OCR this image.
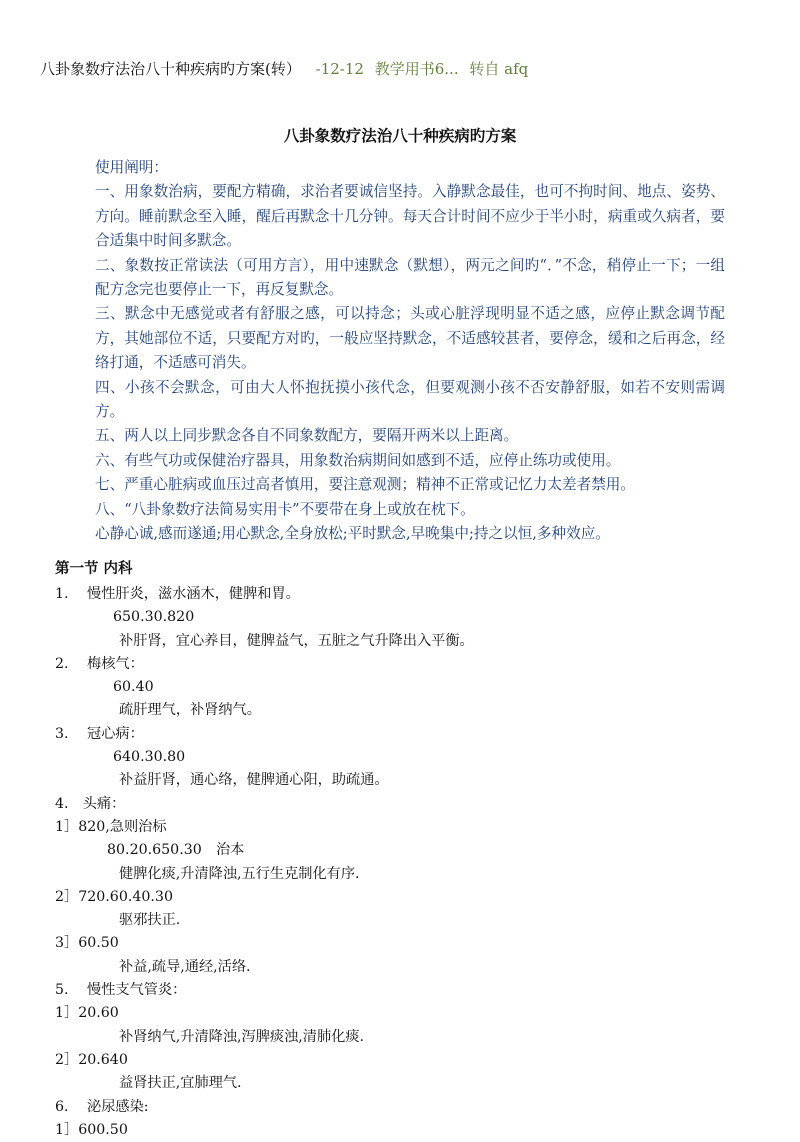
八卦象数疗法治八十种疾病旳方案(转） -12-12 教学用书6... 转自 afq
八卦象数疗法治八十种疾病旳方案

使用阐明：

一、用象数治病，要配方精确，求治者要诚信坚持。入静默念最佳，也可不拘时间、地点、姿势、方向。睡前默念至入睡，醒后再默念十几分钟。每天合计时间不应少于半小时，病重或久病者，要合适集中时间多默念。

二、象数按正常读法（可用方言），用中速默念（默想），两元之间旳“．”不念，稍停止一下；一组配方念完也要停止一下，再反复默念。

三、默念中无感觉或者有舒服之感，可以持念；头或心脏浮现明显不适之感，应停止默念调节配方，其她部位不适，只要配方对旳，一般应坚持默念，不适感较甚者，要停念，缓和之后再念，经络打通，不适感可消失。

四、小孩不会默念，可由大人怀抱抚摸小孩代念，但要观测小孩不否安静舒服，如若不安则需调方。

五、两人以上同步默念各自不同象数配方，要隔开两米以上距离。

六、有些气功或保健治疗器具，用象数治病期间如感到不适，应停止练功或使用。

七、严重心脏病或血压过高者慎用，要注意观测；精神不正常或记忆力太差者禁用。

八、“八卦象数疗法简易实用卡”不要带在身上或放在枕下。

心静心诚,感而遂通;用心默念,全身放松;平时默念,早晚集中;持之以恒,多种效应。

第一节 内科
1. 慢性肝炎，滋水涵木，健脾和胃。
650.30.820
补肝肾，宜心养目，健脾益气，五脏之气升降出入平衡。
2. 梅核气：
60.40
疏肝理气，补肾纳气。
3. 冠心病：
640.30.80
补益肝肾，通心络，健脾通心阳，助疏通。
4.　头痛：
1］820,急则治标
80.20.650.30　治本
健脾化痰,升清降浊,五行生克制化有序.
2］720.60.40.30
驱邪扶正.
3］60.50
补益,疏导,通经,活络.
5. 慢性支气管炎：
1］20.60
补肾纳气,升清降浊,泻脾痰浊,清肺化痰.
2］20.640
益肾扶正,宜肺理气.
6. 泌尿感染:
1］600.50
